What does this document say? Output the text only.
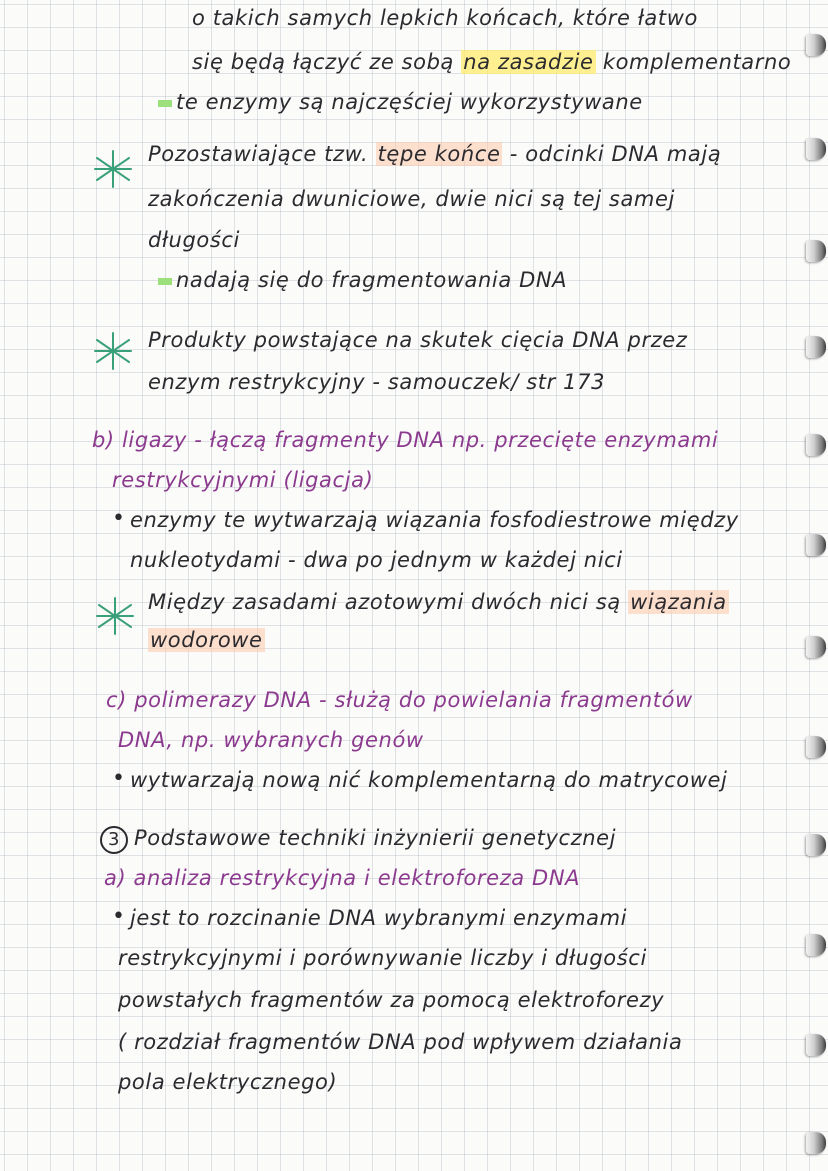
o takich samych lepkich końcach, które łatwo
się będą łączyć ze sobą na zasadzie komplementarno
te enzymy są najczęściej wykorzystywane
Pozostawiające tzw. tępe końce - odcinki DNA mają
zakończenia dwuniciowe, dwie nici są tej samej
długości
nadają się do fragmentowania DNA
Produkty powstające na skutek cięcia DNA przez
enzym restrykcyjny - samouczek/ str 173
b) ligazy - łączą fragmenty DNA np. przecięte enzymami
restrykcyjnymi (ligacja)
• enzymy te wytwarzają wiązania fosfodiestrowe między
nukleotydami - dwa po jednym w każdej nici
Między zasadami azotowymi dwóch nici są wiązania
wodorowe
c) polimerazy DNA - służą do powielania fragmentów
DNA, np. wybranych genów
• wytwarzają nową nić komplementarną do matrycowej
3 Podstawowe techniki inżynierii genetycznej
a) analiza restrykcyjna i elektroforeza DNA
• jest to rozcinanie DNA wybranymi enzymami
restrykcyjnymi i porównywanie liczby i długości
powstałych fragmentów za pomocą elektroforezy
( rozdział fragmentów DNA pod wpływem działania
pola elektrycznego)
